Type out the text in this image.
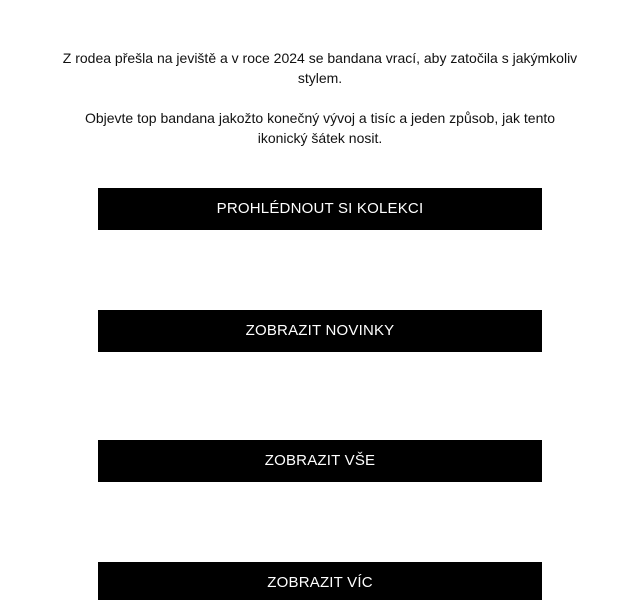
Z rodea přešla na jeviště a v roce 2024 se bandana vrací, aby zatočila s jakýmkoliv stylem.

Objevte top bandana jakožto konečný vývoj a tisíc a jeden způsob, jak tento ikonický šátek nosit.

PROHLÉDNOUT SI KOLEKCI
ZOBRAZIT NOVINKY
ZOBRAZIT VŠE
ZOBRAZIT VÍC
